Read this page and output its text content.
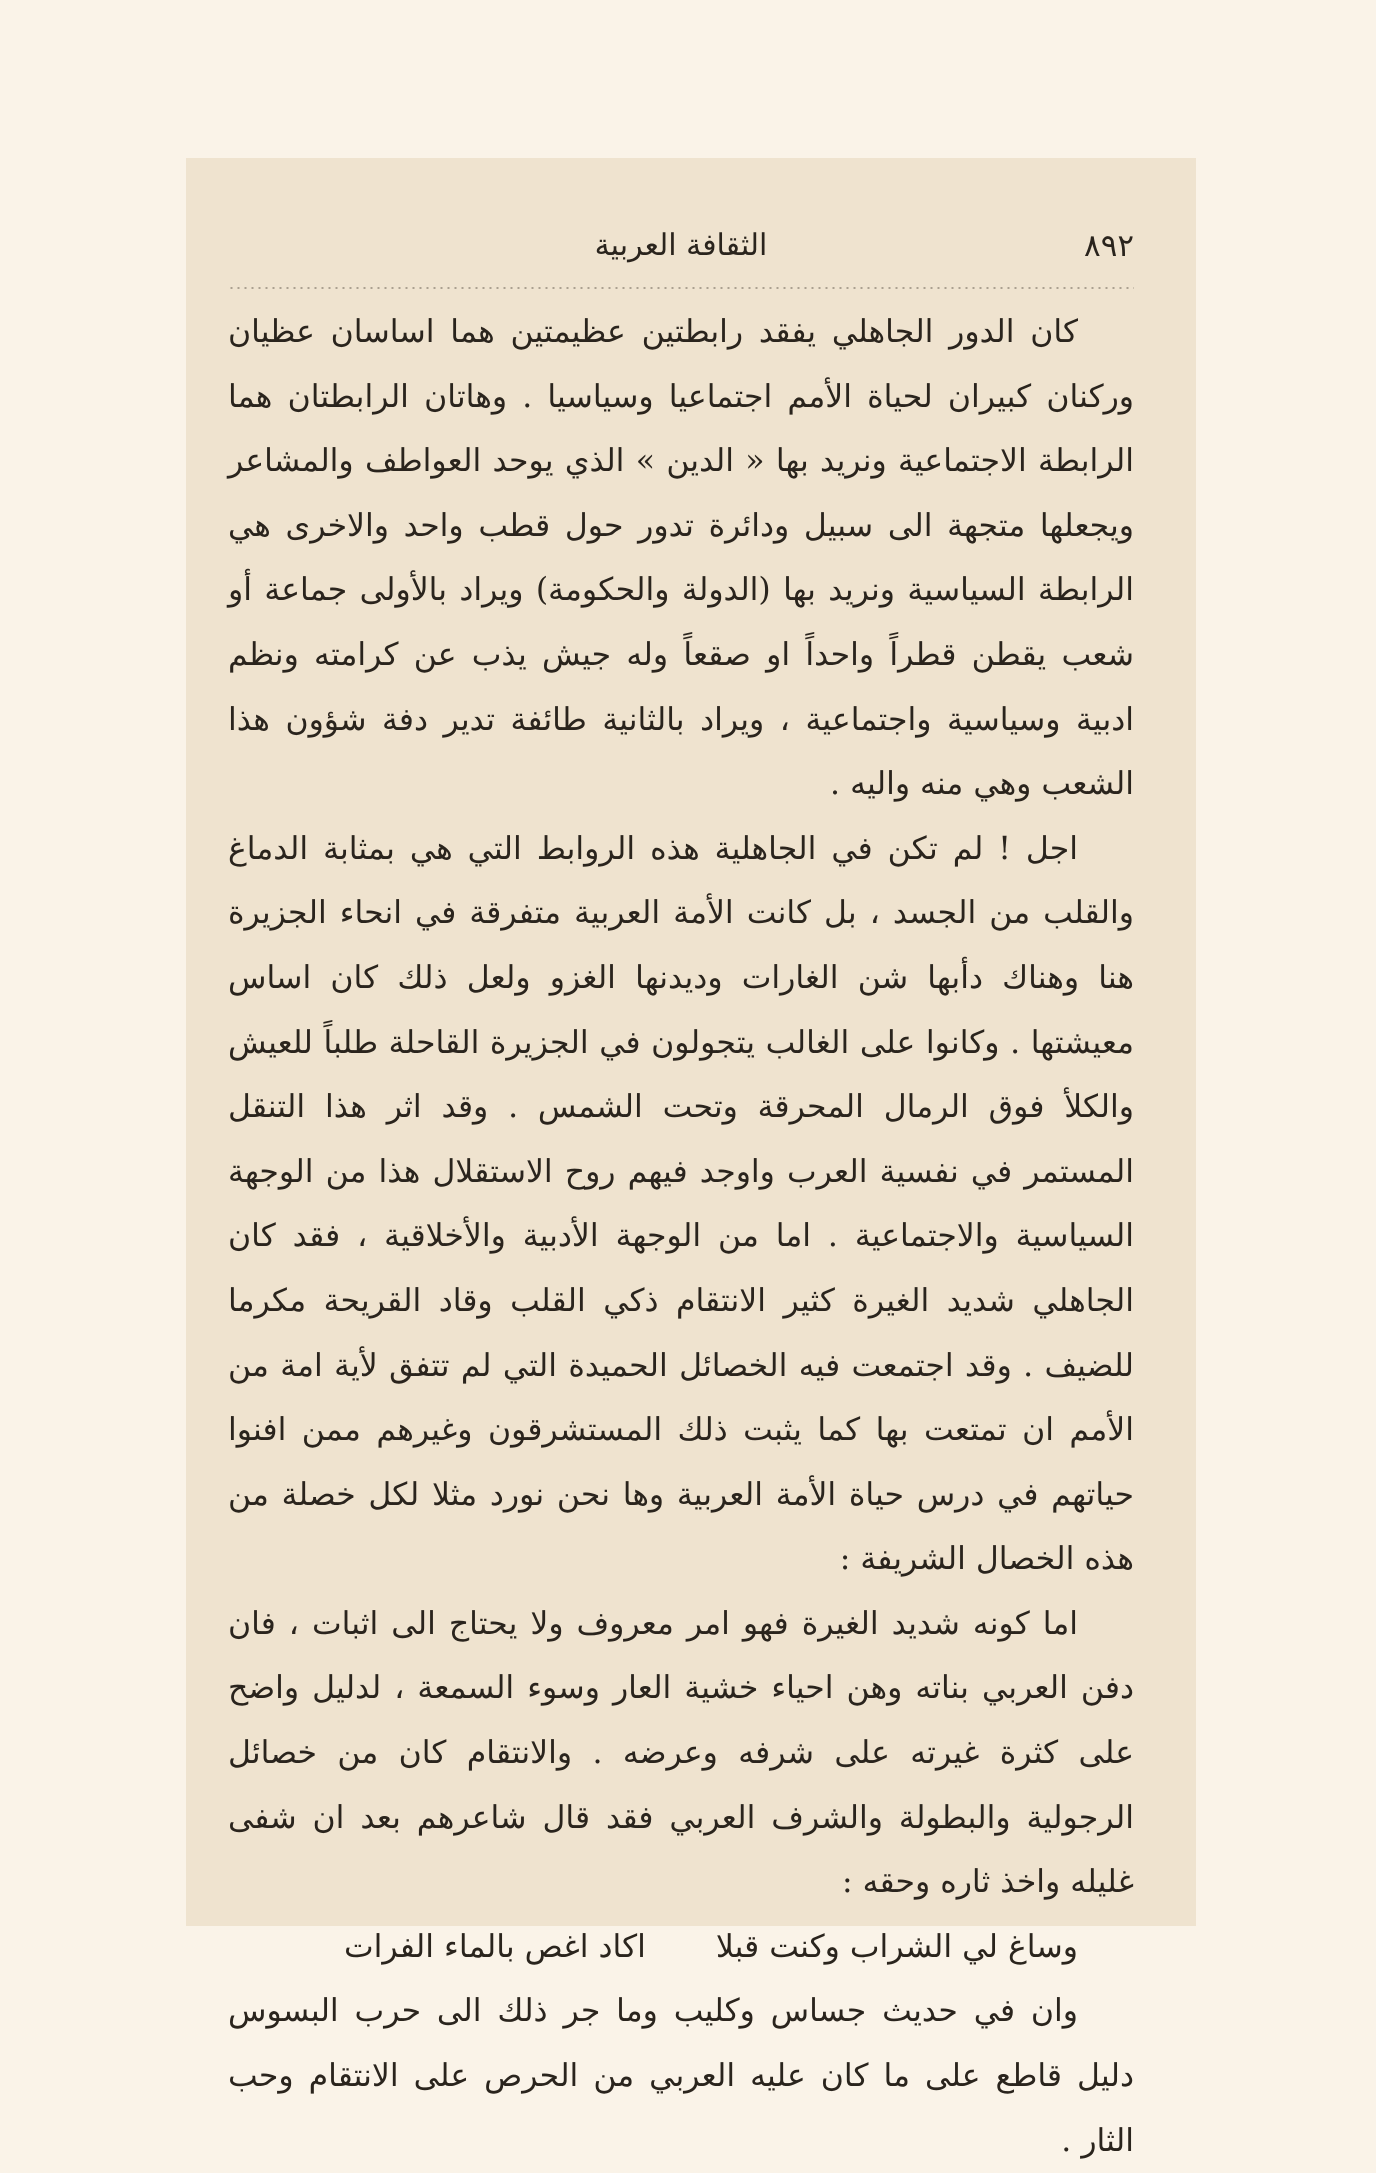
٨٩٢
الثقافة العربية

كان الدور الجاهلي يفقد رابطتين عظيمتين هما اساسان عظيان وركنان كبيران لحياة الأمم اجتماعيا وسياسيا . وهاتان الرابطتان هما الرابطة الاجتماعية ونريد بها « الدين » الذي يوحد العواطف والمشاعر ويجعلها متجهة الى سبيل ودائرة تدور حول قطب واحد والاخرى هي الرابطة السياسية ونريد بها (الدولة والحكومة) ويراد بالأولى جماعة أو شعب يقطن قطراً واحداً او صقعاً وله جيش يذب عن كرامته ونظم ادبية وسياسية واجتماعية ، ويراد بالثانية طائفة تدير دفة شؤون هذا الشعب وهي منه واليه .

اجل ! لم تكن في الجاهلية هذه الروابط التي هي بمثابة الدماغ والقلب من الجسد ، بل كانت الأمة العربية متفرقة في انحاء الجزيرة هنا وهناك دأبها شن الغارات وديدنها الغزو ولعل ذلك كان اساس معيشتها . وكانوا على الغالب يتجولون في الجزيرة القاحلة طلباً للعيش والكلأ فوق الرمال المحرقة وتحت الشمس . وقد اثر هذا التنقل المستمر في نفسية العرب واوجد فيهم روح الاستقلال هذا من الوجهة السياسية والاجتماعية . اما من الوجهة الأدبية والأخلاقية ، فقد كان الجاهلي شديد الغيرة كثير الانتقام ذكي القلب وقاد القريحة مكرما للضيف . وقد اجتمعت فيه الخصائل الحميدة التي لم تتفق لأية امة من الأمم ان تمتعت بها كما يثبت ذلك المستشرقون وغيرهم ممن افنوا حياتهم في درس حياة الأمة العربية وها نحن نورد مثلا لكل خصلة من هذه الخصال الشريفة :

اما كونه شديد الغيرة فهو امر معروف ولا يحتاج الى اثبات ، فان دفن العربي بناته وهن احياء خشية العار وسوء السمعة ، لدليل واضح على كثرة غيرته على شرفه وعرضه . والانتقام كان من خصائل الرجولية والبطولة والشرف العربي فقد قال شاعرهم بعد ان شفى غليله واخذ ثاره وحقه :

وساغ لي الشراب وكنت قبلا
اكاد اغص بالماء الفرات

وان في حديث جساس وكليب وما جر ذلك الى حرب البسوس دليل قاطع على ما كان عليه العربي من الحرص على الانتقام وحب الثار .
